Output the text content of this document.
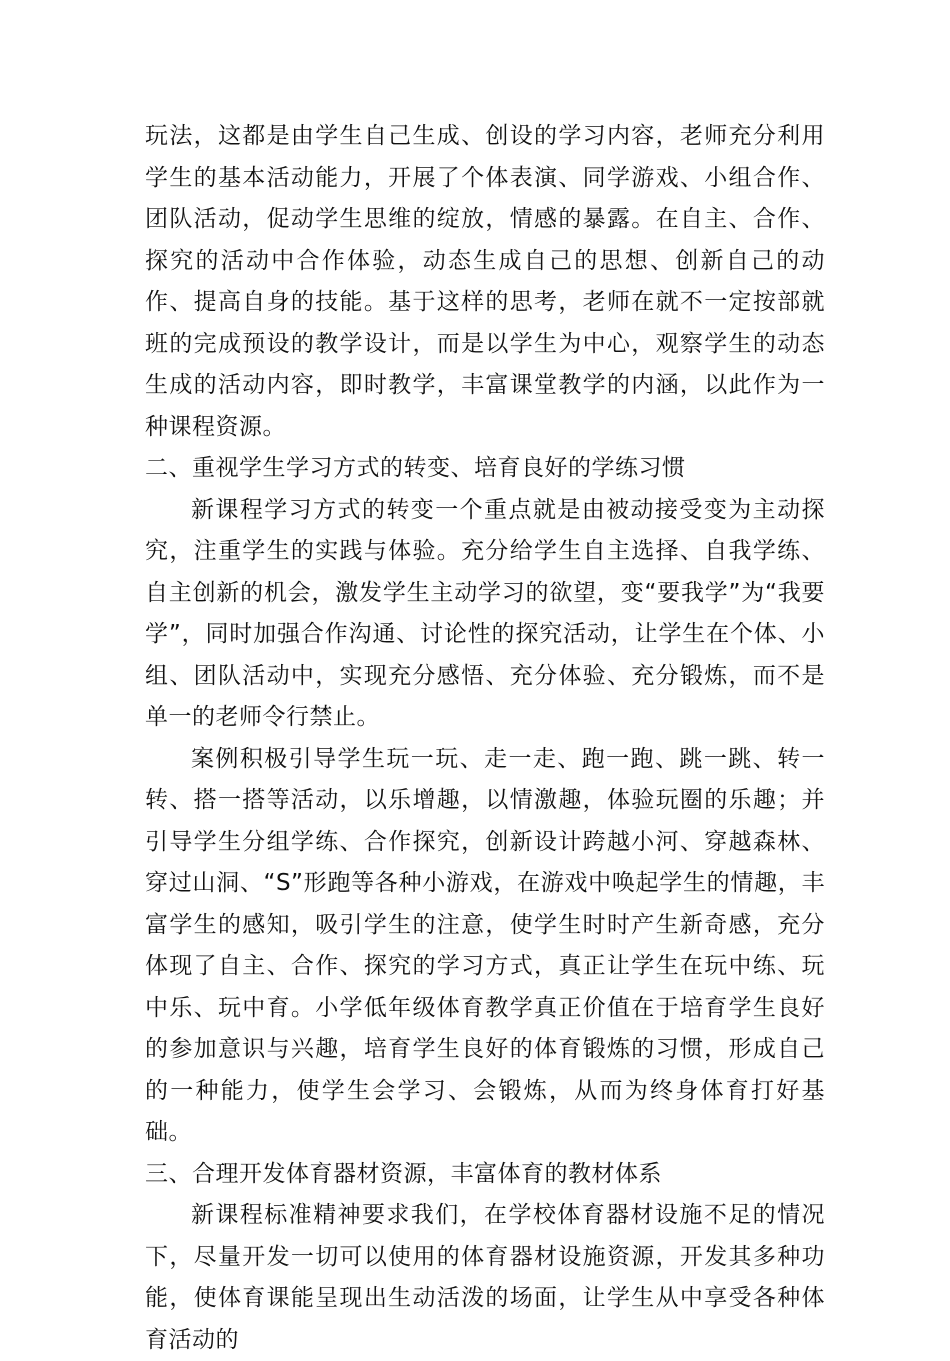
玩法，这都是由学生自己生成、创设的学习内容，老师充分利用学生的基本活动能力，开展了个体表演、同学游戏、小组合作、团队活动，促动学生思维的绽放，情感的暴露。在自主、合作、探究的活动中合作体验，动态生成自己的思想、创新自己的动作、提高自身的技能。基于这样的思考，老师在就不一定按部就班的完成预设的教学设计，而是以学生为中心，观察学生的动态生成的活动内容，即时教学，丰富课堂教学的内涵，以此作为一种课程资源。

二、重视学生学习方式的转变、培育良好的学练习惯

新课程学习方式的转变一个重点就是由被动接受变为主动探究，注重学生的实践与体验。充分给学生自主选择、自我学练、自主创新的机会，激发学生主动学习的欲望，变“要我学”为“我要学”，同时加强合作沟通、讨论性的探究活动，让学生在个体、小组、团队活动中，实现充分感悟、充分体验、充分锻炼，而不是单一的老师令行禁止。

案例积极引导学生玩一玩、走一走、跑一跑、跳一跳、转一转、搭一搭等活动，以乐增趣，以情激趣，体验玩圈的乐趣；并引导学生分组学练、合作探究，创新设计跨越小河、穿越森林、穿过山洞、“S”形跑等各种小游戏，在游戏中唤起学生的情趣，丰富学生的感知，吸引学生的注意，使学生时时产生新奇感，充分体现了自主、合作、探究的学习方式，真正让学生在玩中练、玩中乐、玩中育。小学低年级体育教学真正价值在于培育学生良好的参加意识与兴趣，培育学生良好的体育锻炼的习惯，形成自己的一种能力，使学生会学习、会锻炼，从而为终身体育打好基础。

三、合理开发体育器材资源，丰富体育的教材体系

新课程标准精神要求我们，在学校体育器材设施不足的情况下，尽量开发一切可以使用的体育器材设施资源，开发其多种功能，使体育课能呈现出生动活泼的场面，让学生从中享受各种体育活动的
